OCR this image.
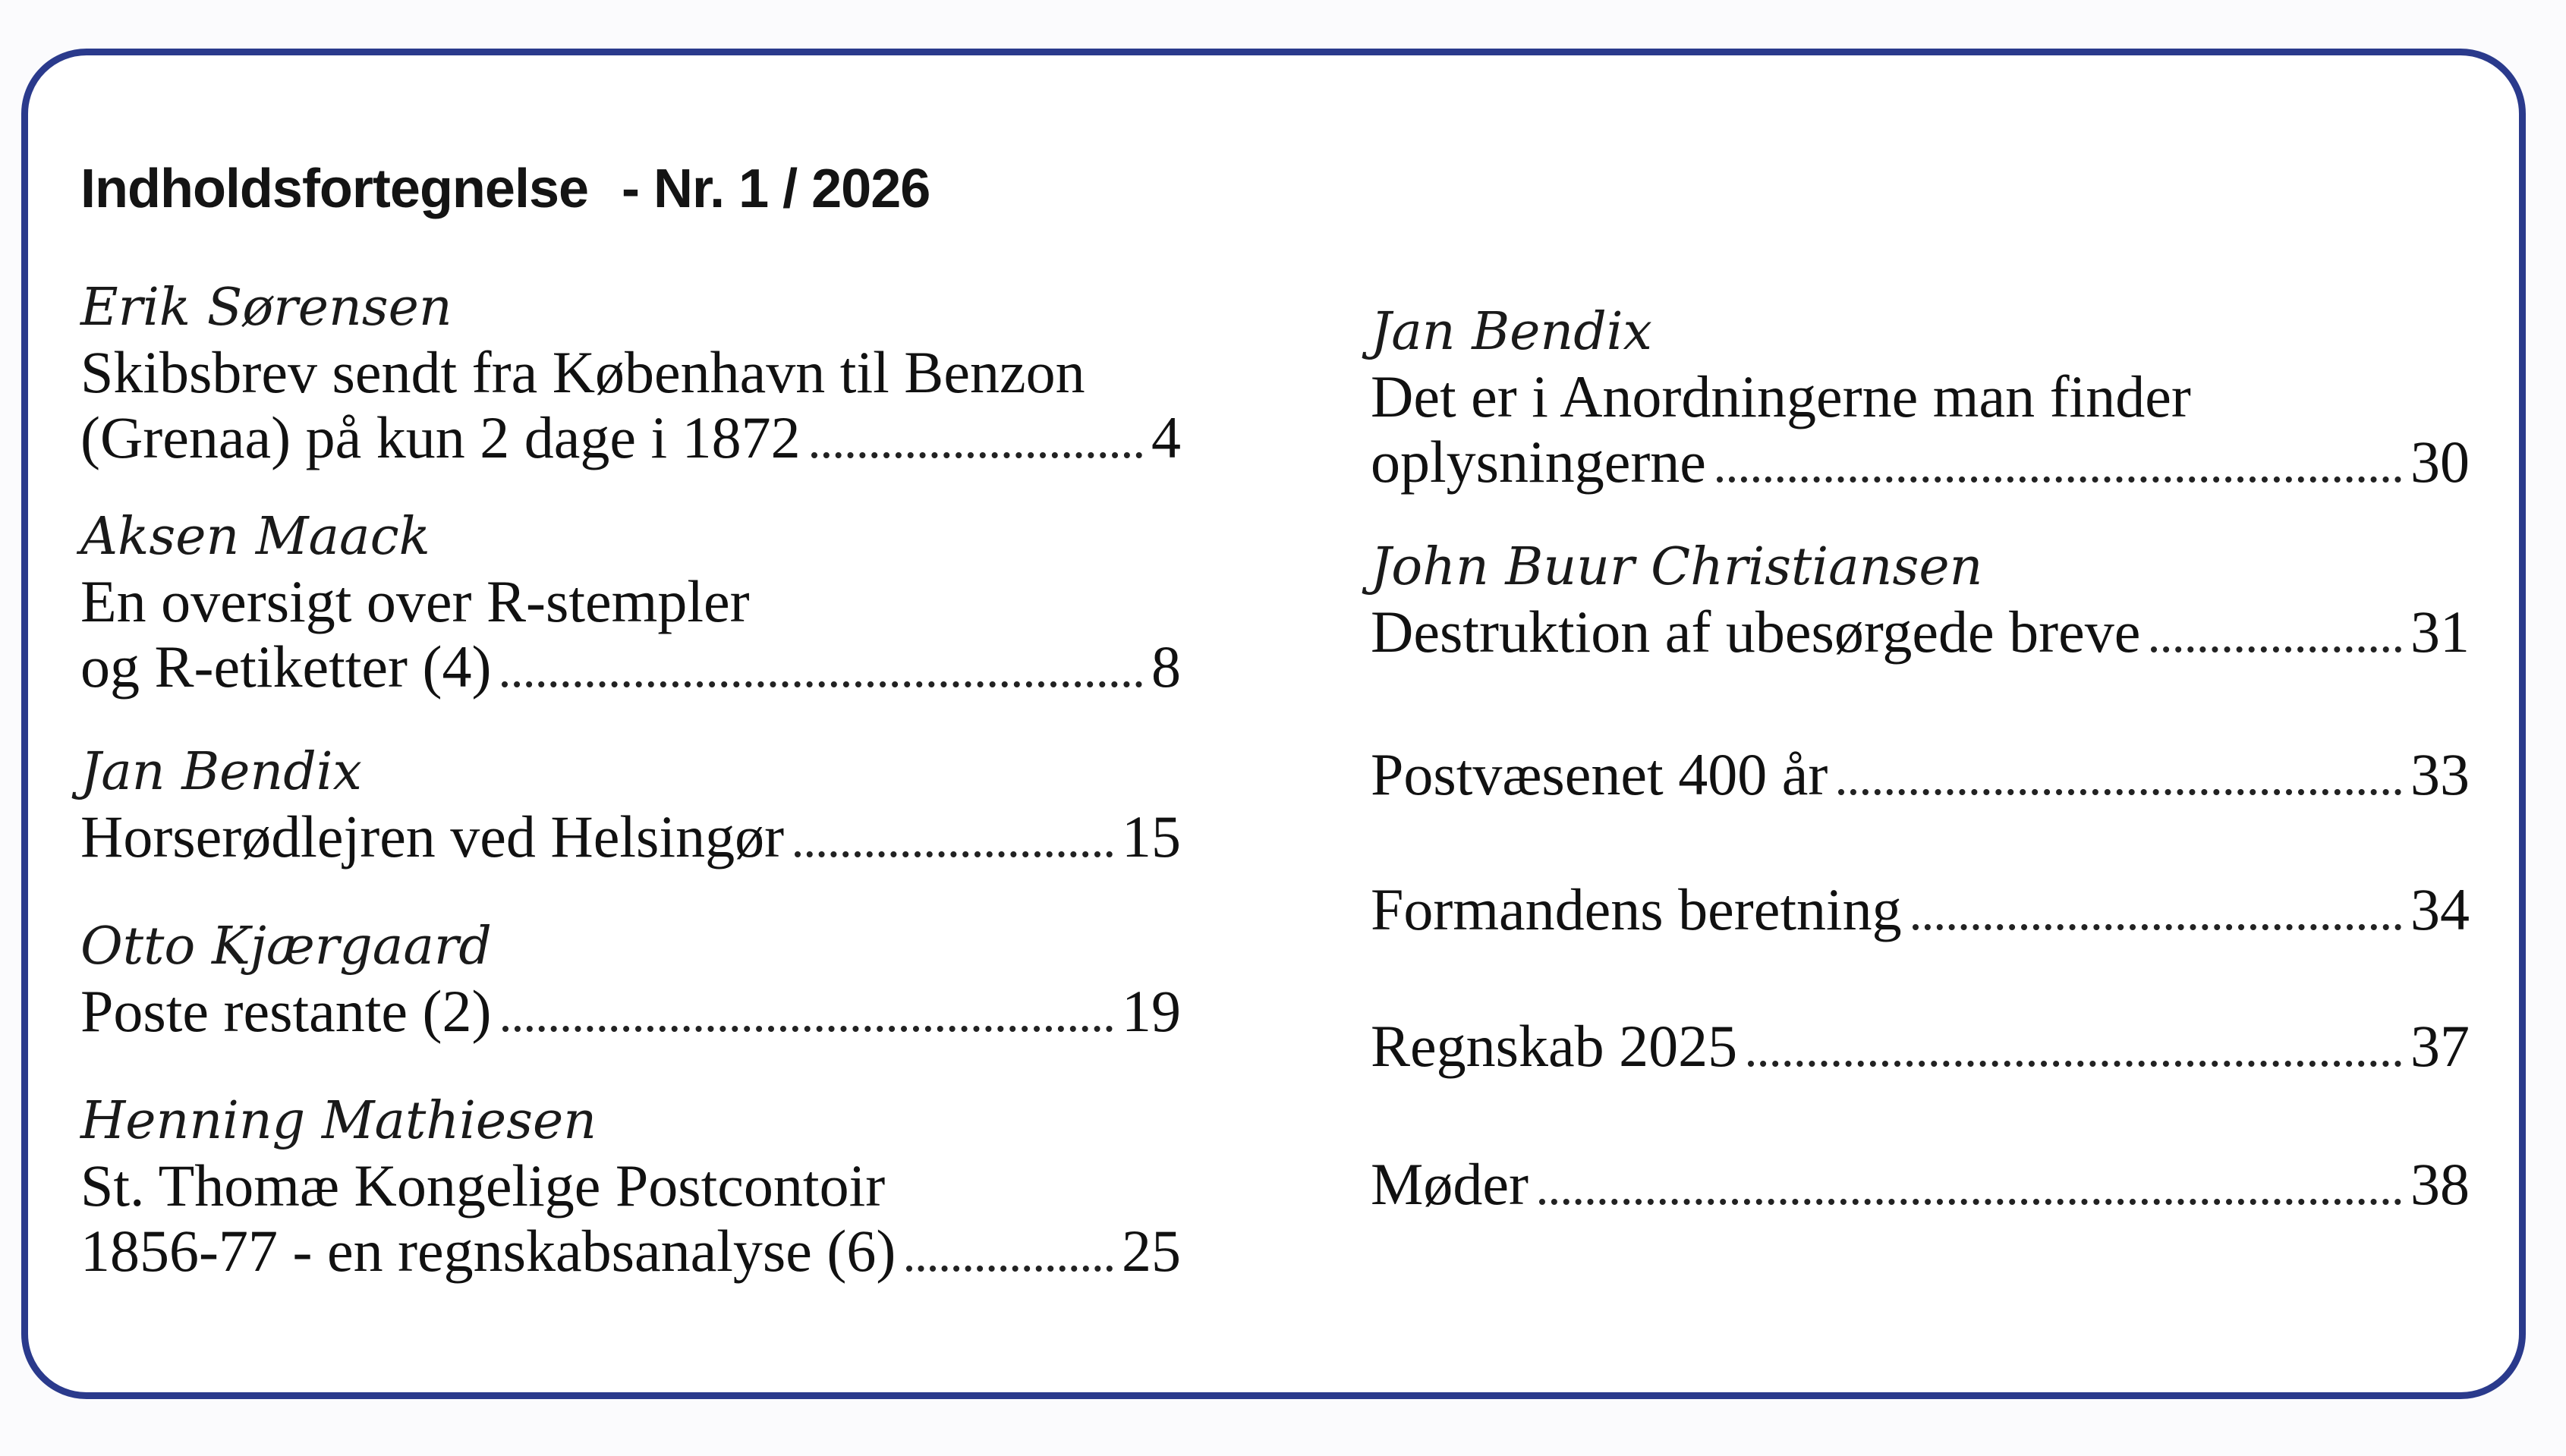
Indholdsfortegnelse - Nr. 1 / 2026
Erik Sørensen
Skibsbrev sendt fra København til Benzon
(Grenaa) på kun 2 dage i 1872	4
Aksen Maack
En oversigt over R-stempler
og R-etiketter (4)	8
Jan Bendix
Horserødlejren ved Helsingør	15
Otto Kjærgaard
Poste restante (2)	19
Henning Mathiesen
St. Thomæ Kongelige Postcontoir
1856-77 - en regnskabsanalyse (6)	25
Jan Bendix
Det er i Anordningerne man finder
oplysningerne	30
John Buur Christiansen
Destruktion af ubesørgede breve	31
Postvæsenet 400 år	33
Formandens beretning	34
Regnskab 2025	37
Møder	38
